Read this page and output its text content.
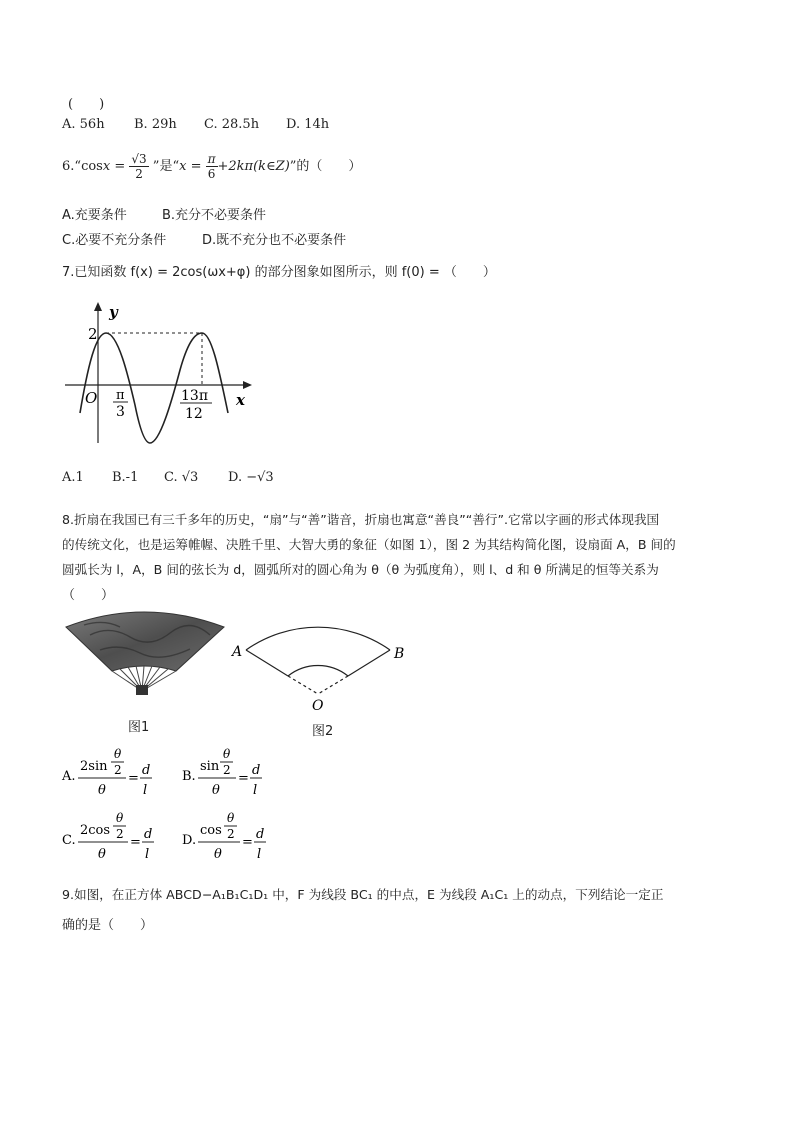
(　　)
A. 56h B. 29h C. 28.5h D. 14h
6.“cosx = $\frac{√3}{2}$ ”是“$x = \frac{\pi}{6}$ +2kπ(k∈Z)”的（　　）
A.充要条件	B.充分不必要条件
C.必要不充分条件	D.既不充分也不必要条件
7.已知函数 f(x) = 2cos(ωx+φ) 的部分图象如图所示，则 f(0) = （　　）
y
x
O
2
π
3
13π
12
A.1 B.-1 C. √3 D. −√3
8.折扇在我国已有三千多年的历史，“扇”与“善”谐音，折扇也寓意“善良”“善行”.它常以字画的形式体现我国
的传统文化，也是运筹帷幄、决胜千里、大智大勇的象征（如图 1），图 2 为其结构简化图，设扇面 A，B 间的
圆弧长为 l，A，B 间的弦长为 d，圆弧所对的圆心角为 θ（θ 为弧度角），则 l、d 和 θ 所满足的恒等关系为
（　　）
图1
A	B
O
图2
A.
2sin
θ
2
θ
=
d
l
B.
sin
θ
2
θ
=
d
l
C.
2cos
θ
2
θ
=
d
l
D.
cos
θ
2
θ
=
d
l
9.如图，在正方体 ABCD−A₁B₁C₁D₁ 中，F 为线段 BC₁ 的中点，E 为线段 A₁C₁ 上的动点，下列结论一定正
确的是（　　）
